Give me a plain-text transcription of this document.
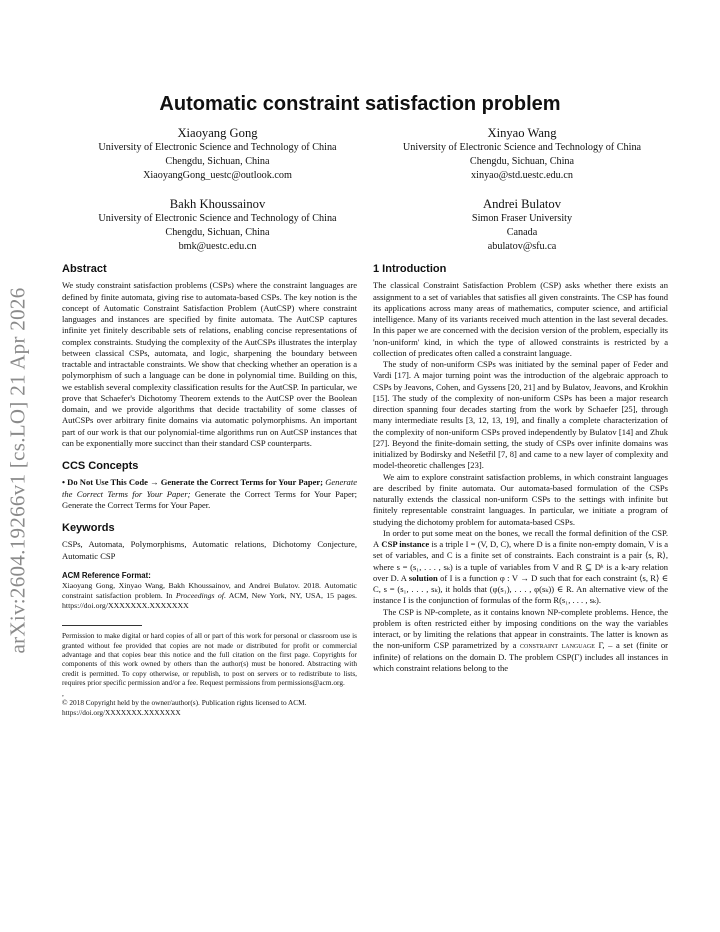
arXiv:2604.19266v1 [cs.LO] 21 Apr 2026
Automatic constraint satisfaction problem
Xiaoyang Gong
University of Electronic Science and Technology of China
Chengdu, Sichuan, China
XiaoyangGong_uestc@outlook.com
Xinyao Wang
University of Electronic Science and Technology of China
Chengdu, Sichuan, China
xinyao@std.uestc.edu.cn
Bakh Khoussainov
University of Electronic Science and Technology of China
Chengdu, Sichuan, China
bmk@uestc.edu.cn
Andrei Bulatov
Simon Fraser University
Canada
abulatov@sfu.ca
Abstract

We study constraint satisfaction problems (CSPs) where the constraint languages are defined by finite automata, giving rise to automata-based CSPs. The key notion is the concept of Automatic Constraint Satisfaction Problem (AutCSP) where constraint languages and instances are specified by finite automata. The AutCSP captures infinite yet finitely describable sets of relations, enabling concise representations of complex constraints. Studying the complexity of the AutCSPs illustrates the interplay between classical CSPs, automata, and logic, sharpening the boundary between tractable and intractable constraints. We show that checking whether an operation is a polymorphism of such a language can be done in polynomial time. Building on this, we establish several complexity classification results for the AutCSP. In particular, we prove that Schaefer's Dichotomy Theorem extends to the AutCSP over the Boolean domain, and we provide algorithms that decide tractability of some classes of AutCSPs over arbitrary finite domains via automatic polymorphisms. An important part of our work is that our polynomial-time algorithms run on AutCSP instances that can be exponentially more succinct than their standard CSP counterparts.

CCS Concepts

• Do Not Use This Code → Generate the Correct Terms for Your Paper; Generate the Correct Terms for Your Paper; Generate the Correct Terms for Your Paper; Generate the Correct Terms for Your Paper.

Keywords

CSPs, Automata, Polymorphisms, Automatic relations, Dichotomy Conjecture, Automatic CSP

ACM Reference Format:

Xiaoyang Gong, Xinyao Wang, Bakh Khoussainov, and Andrei Bulatov. 2018. Automatic constraint satisfaction problem. In Proceedings of. ACM, New York, NY, USA, 15 pages. https://doi.org/XXXXXXX.XXXXXXX

Permission to make digital or hard copies of all or part of this work for personal or classroom use is granted without fee provided that copies are not made or distributed for profit or commercial advantage and that copies bear this notice and the full citation on the first page. Copyrights for components of this work owned by others than the author(s) must be honored. Abstracting with credit is permitted. To copy otherwise, or republish, to post on servers or to redistribute to lists, requires prior specific permission and/or a fee. Request permissions from permissions@acm.org.

,

© 2018 Copyright held by the owner/author(s). Publication rights licensed to ACM.

https://doi.org/XXXXXXX.XXXXXXX

1 Introduction

The classical Constraint Satisfaction Problem (CSP) asks whether there exists an assignment to a set of variables that satisfies all given constraints. The CSP has found its applications across many areas of mathematics, computer science, and artificial intelligence. Many of its variants received much attention in the last several decades. In this paper we are concerned with the decision version of the problem, especially its 'non-uniform' kind, in which the type of allowed constraints is restricted by a collection of predicates often called a constraint language.

The study of non-uniform CSPs was initiated by the seminal paper of Feder and Vardi [17]. A major turning point was the introduction of the algebraic approach to CSPs by Jeavons, Cohen, and Gyssens [20, 21] and by Bulatov, Jeavons, and Krokhin [15]. The study of the complexity of non-uniform CSPs has been a major research direction spanning four decades starting from the work by Schaefer [25], through many intermediate results [3, 12, 13, 19], and finally a complete characterization of the complexity of non-uniform CSPs proved independently by Bulatov [14] and Zhuk [27]. Beyond the finite-domain setting, the study of CSPs over infinite domains was initialized by Bodirsky and Nešetřil [7, 8] and came to a new layer of complexity and model-theoretic challenges [23].

We aim to explore constraint satisfaction problems, in which constraint languages are described by finite automata. Our automata-based formulation of the CSPs naturally extends the classical non-uniform CSPs to the settings with infinite but finitely representable constraint languages. In particular, we initiate a program of studying the dichotomy problem for automata-based CSPs.

In order to put some meat on the bones, we recall the formal definition of the CSP. A CSP instance is a triple I = (V, D, C), where D is a finite non-empty domain, V is a set of variables, and C is a finite set of constraints. Each constraint is a pair ⟨s, R⟩, where s = (s₁, . . . , sₖ) is a tuple of variables from V and R ⊆ Dᵏ is a k-ary relation over D. A solution of I is a function φ : V → D such that for each constraint ⟨s, R⟩ ∈ C, s = (s₁, . . . , sₖ), it holds that (φ(s₁), . . . , φ(sₖ)) ∈ R. An alternative view of the instance I is the conjunction of formulas of the form R(s₁, . . . , sₖ).

The CSP is NP-complete, as it contains known NP-complete problems. Hence, the problem is often restricted either by imposing conditions on the way the variables interact, or by limiting the relations that appear in constraints. The latter is known as the non-uniform CSP parametrized by a constraint language Γ, – a set (finite or infinite) of relations on the domain D. The problem CSP(Γ) includes all instances in which constraint relations belong to the
